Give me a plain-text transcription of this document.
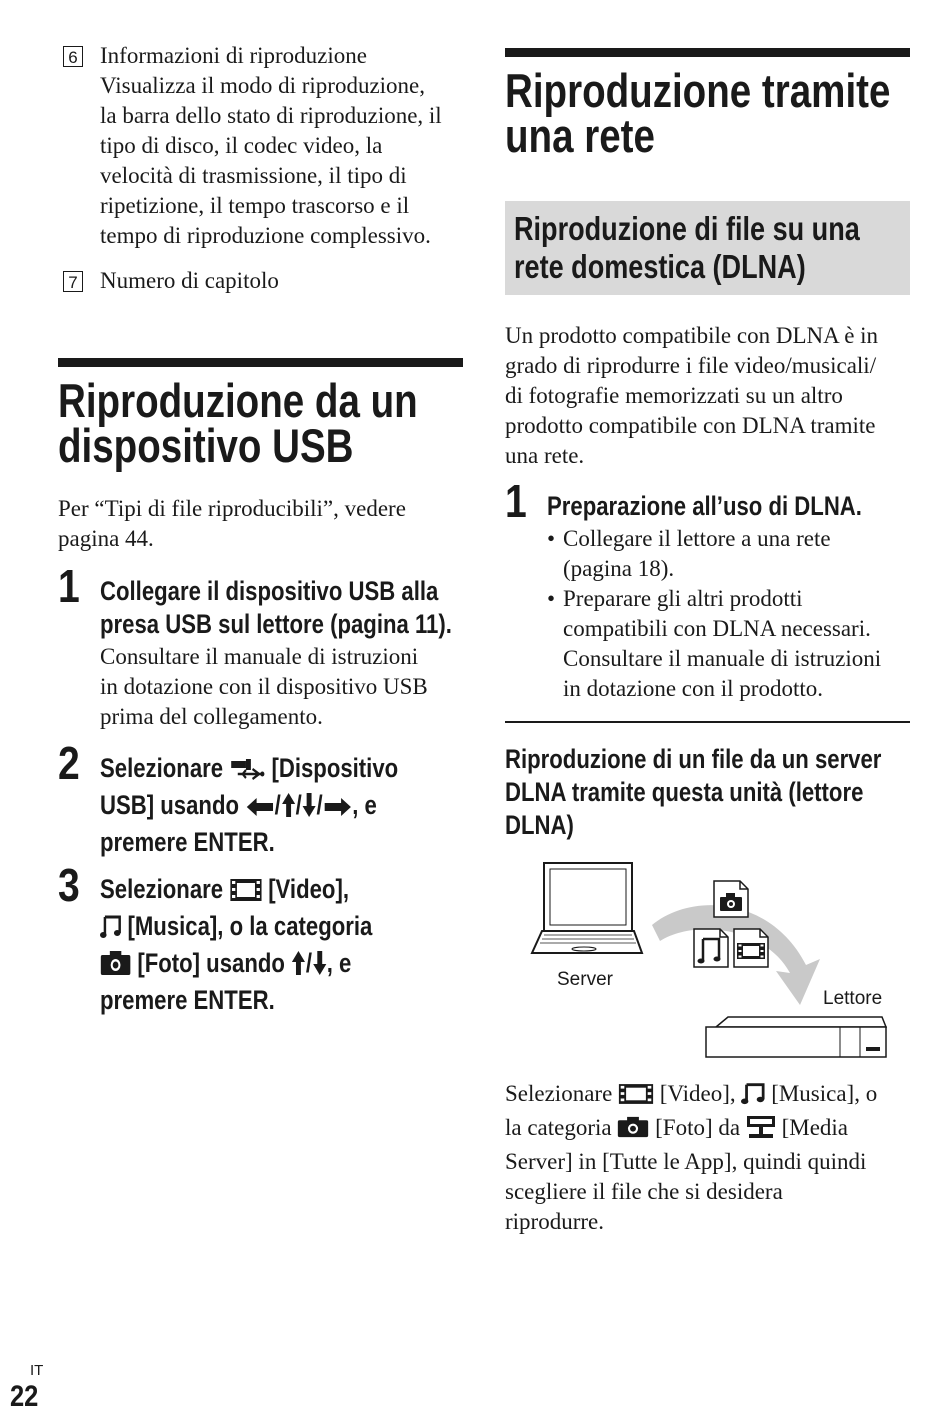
6 Informazioni di riproduzione
Visualizza il modo di riproduzione,
la barra dello stato di riproduzione, il
tipo di disco, il codec video, la
velocità di trasmissione, il tipo di
ripetizione, il tempo trascorso e il
tempo di riproduzione complessivo.
7 Numero di capitolo
Riproduzione da un
dispositivo USB
Per “Tipi di file riproducibili”, vedere
pagina 44.
1 Collegare il dispositivo USB alla
presa USB sul lettore (pagina 11).
Consultare il manuale di istruzioni
in dotazione con il dispositivo USB
prima del collegamento.
2 Selezionare [Dispositivo
USB] usando / / / , e
premere ENTER.
3 Selezionare [Video],
[Musica], o la categoria
[Foto] usando / , e
premere ENTER.
Riproduzione tramite
una rete
Riproduzione di file su una
rete domestica (DLNA)
Un prodotto compatibile con DLNA è in
grado di riprodurre i file video/musicali/
di fotografie memorizzati su un altro
prodotto compatibile con DLNA tramite
una rete.
1 Preparazione all’uso di DLNA.
• Collegare il lettore a una rete
(pagina 18).
• Preparare gli altri prodotti
compatibili con DLNA necessari.
Consultare il manuale di istruzioni
in dotazione con il prodotto.
Riproduzione di un file da un server
DLNA tramite questa unità (lettore
DLNA)
Server
Lettore
Selezionare [Video], [Musica], o
la categoria [Foto] da [Media
Server] in [Tutte le App], quindi quindi
scegliere il file che si desidera
riprodurre.
IT
22
